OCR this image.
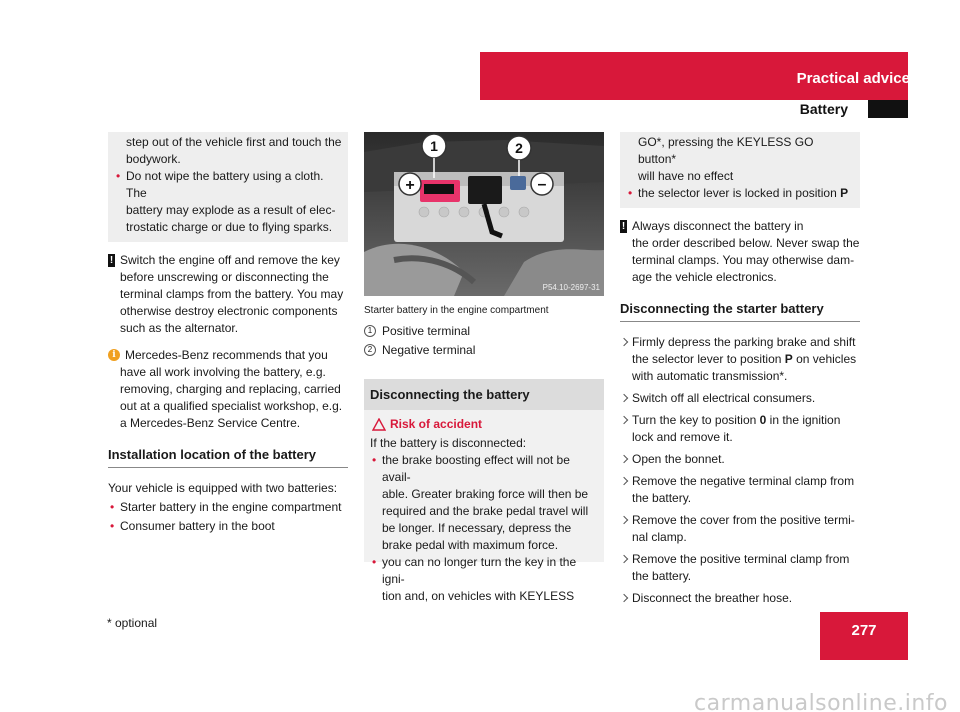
Practical advice
Battery
step out of the vehicle first and touch the
bodywork.
• Do not wipe the battery using a cloth. The
battery may explode as a result of elec-
trostatic charge or due to flying sparks.
! Switch the engine off and remove the key
before unscrewing or disconnecting the
terminal clamps from the battery. You may
otherwise destroy electronic components
such as the alternator.
i Mercedes-Benz recommends that you
have all work involving the battery, e.g.
removing, charging and replacing, carried
out at a qualified specialist workshop, e.g.
a Mercedes-Benz Service Centre.
Installation location of the battery
Your vehicle is equipped with two batteries:
• Starter battery in the engine compartment
• Consumer battery in the boot
1	2
+	–
P54.10-2697-31
Starter battery in the engine compartment
1 Positive terminal
2 Negative terminal
Disconnecting the battery
Risk of accident
If the battery is disconnected:
• the brake boosting effect will not be avail-
able. Greater braking force will then be
required and the brake pedal travel will
be longer. If necessary, depress the
brake pedal with maximum force.
• you can no longer turn the key in the igni-
tion and, on vehicles with KEYLESS
GO*, pressing the KEYLESS GO button*
will have no effect
• the selector lever is locked in position P
! Always disconnect the battery in
the order described below. Never swap the
terminal clamps. You may otherwise dam-
age the vehicle electronics.
Disconnecting the starter battery
Firmly depress the parking brake and shift
the selector lever to position P on vehicles
with automatic transmission*.
Switch off all electrical consumers.
Turn the key to position 0 in the ignition
lock and remove it.
Open the bonnet.
Remove the negative terminal clamp from
the battery.
Remove the cover from the positive termi-
nal clamp.
Remove the positive terminal clamp from
the battery.
Disconnect the breather hose.
* optional	277
carmanualsonline.info
